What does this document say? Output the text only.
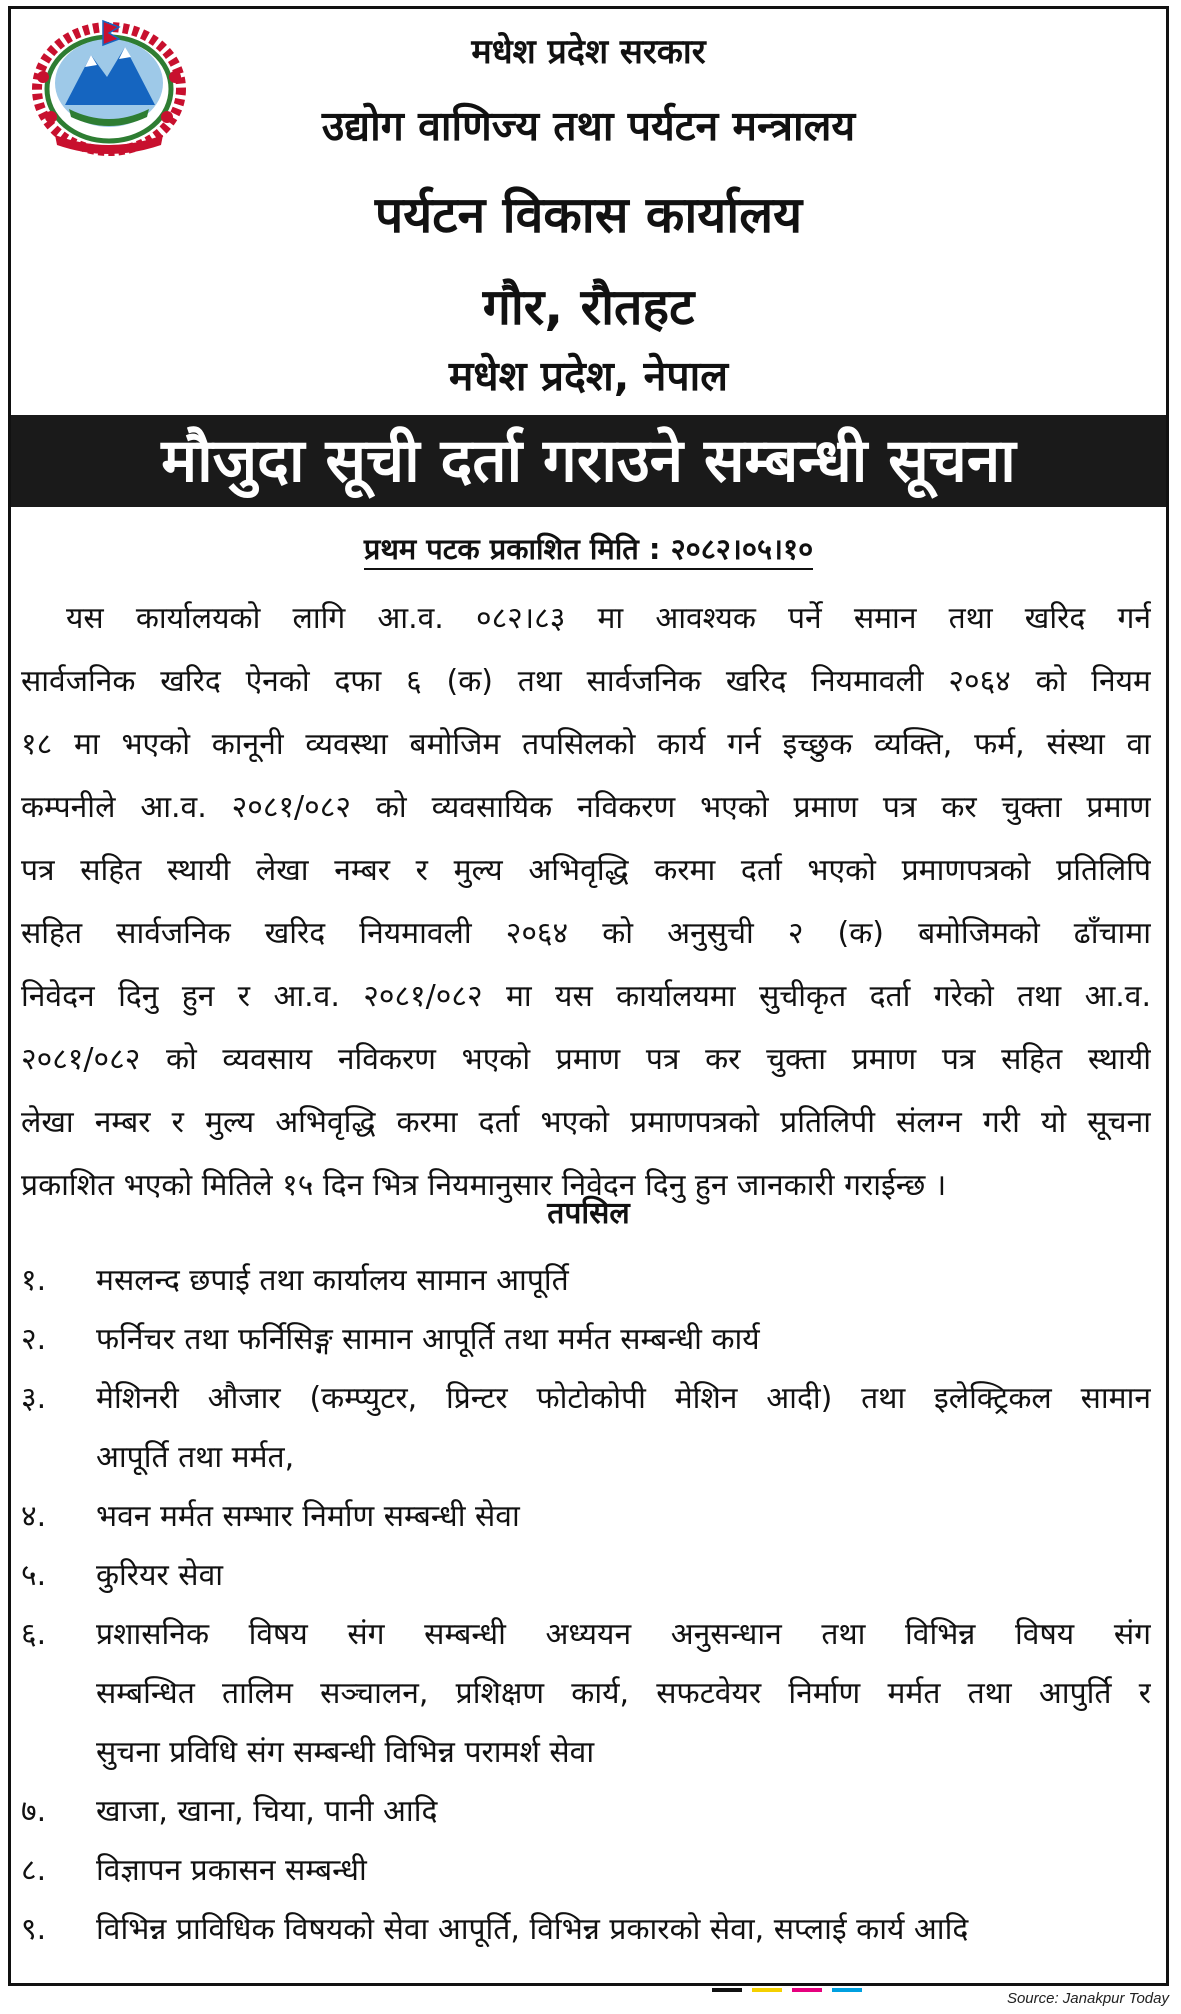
मधेश प्रदेश सरकार
उद्योग वाणिज्य तथा पर्यटन मन्त्रालय
पर्यटन विकास कार्यालय
गौर, रौतहट
मधेश प्रदेश, नेपाल
मौजुदा सूची दर्ता गराउने सम्बन्धी सूचना
प्रथम पटक प्रकाशित मिति : २०८२।०५।१०
यस कार्यालयको लागि आ.व. ०८२।८३ मा आवश्यक पर्ने समान तथा खरिद गर्न
सार्वजनिक खरिद ऐनको दफा ६ (क) तथा सार्वजनिक खरिद नियमावली २०६४ को नियम
१८ मा भएको कानूनी व्यवस्था बमोजिम तपसिलको कार्य गर्न इच्छुक व्यक्ति, फर्म, संस्था वा
कम्पनीले आ.व. २०८१/०८२ को व्यवसायिक नविकरण भएको प्रमाण पत्र कर चुक्ता प्रमाण
पत्र सहित स्थायी लेखा नम्बर र मुल्य अभिवृद्धि करमा दर्ता भएको प्रमाणपत्रको प्रतिलिपि
सहित सार्वजनिक खरिद नियमावली २०६४ को अनुसुची २ (क) बमोजिमको ढाँचामा
निवेदन दिनु हुन र आ.व. २०८१/०८२ मा यस कार्यालयमा सुचीकृत दर्ता गरेको तथा आ.व.
२०८१/०८२ को व्यवसाय नविकरण भएको प्रमाण पत्र कर चुक्ता प्रमाण पत्र सहित स्थायी
लेखा नम्बर र मुल्य अभिवृद्धि करमा दर्ता भएको प्रमाणपत्रको प्रतिलिपी संलग्न गरी यो सूचना
प्रकाशित भएको मितिले १५ दिन भित्र नियमानुसार निवेदन दिनु हुन जानकारी गराईन्छ ।
तपसिल
१.	मसलन्द छपाई तथा कार्यालय सामान आपूर्ति
२.	फर्निचर तथा फर्निसिङ्ग सामान आपूर्ति तथा मर्मत सम्बन्धी कार्य
३.	मेशिनरी औजार (कम्प्युटर, प्रिन्टर फोटोकोपी मेशिन आदी) तथा इलेक्ट्रिकल सामान
आपूर्ति तथा मर्मत,
४.	भवन मर्मत सम्भार निर्माण सम्बन्धी सेवा
५.	कुरियर सेवा
६.	प्रशासनिक विषय संग सम्बन्धी अध्ययन अनुसन्धान तथा विभिन्न विषय संग
सम्बन्धित तालिम सञ्चालन, प्रशिक्षण कार्य, सफटवेयर निर्माण मर्मत तथा आपुर्ति र
सुचना प्रविधि संग सम्बन्धी विभिन्न परामर्श सेवा
७.	खाजा, खाना, चिया, पानी आदि
८.	विज्ञापन प्रकासन सम्बन्धी
९.	विभिन्न प्राविधिक विषयको सेवा आपूर्ति, विभिन्न प्रकारको सेवा, सप्लाई कार्य आदि
Source: Janakpur Today
